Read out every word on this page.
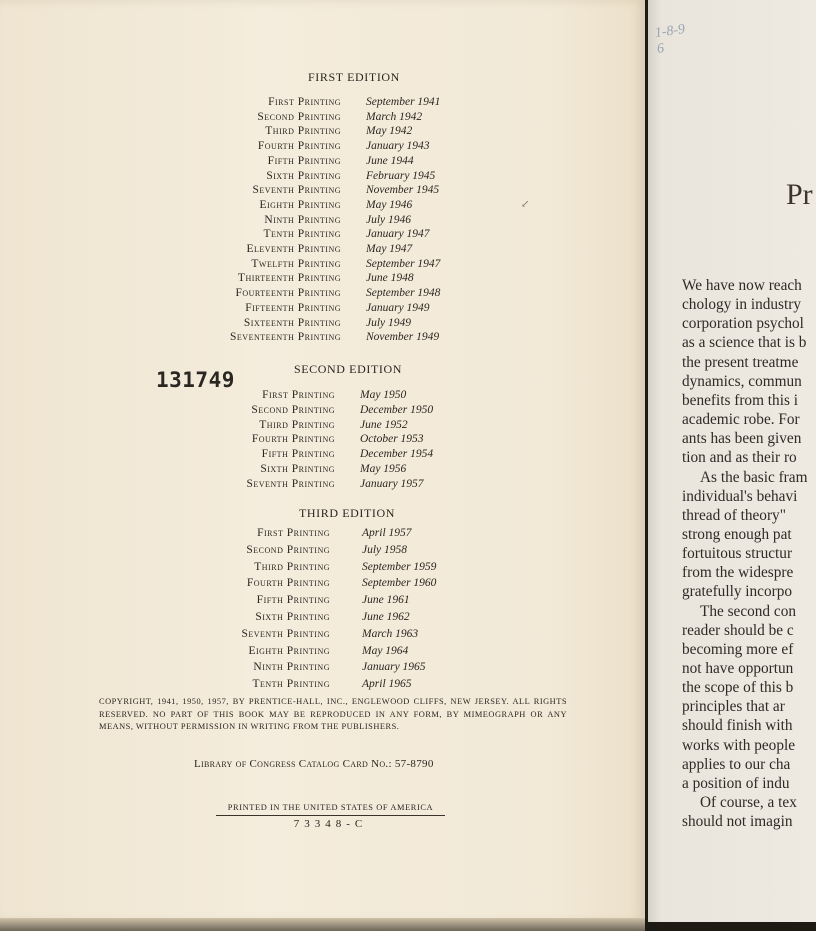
↙
FIRST EDITION
First Printing September 1941
Second Printing March 1942
Third Printing May 1942
Fourth Printing January 1943
Fifth Printing June 1944
Sixth Printing February 1945
Seventh Printing November 1945
Eighth Printing May 1946
Ninth Printing July 1946
Tenth Printing January 1947
Eleventh Printing May 1947
Twelfth Printing September 1947
Thirteenth Printing June 1948
Fourteenth Printing September 1948
Fifteenth Printing January 1949
Sixteenth Printing July 1949
Seventeenth Printing November 1949
131749	SECOND EDITION
First Printing May 1950
Second Printing December 1950
Third Printing June 1952
Fourth Printing October 1953
Fifth Printing December 1954
Sixth Printing May 1956
Seventh Printing January 1957
THIRD EDITION
First Printing	April 1957
Second Printing	July 1958
Third Printing	September 1959
Fourth Printing	September 1960
Fifth Printing	June 1961
Sixth Printing	June 1962
Seventh Printing	March 1963
Eighth Printing	May 1964
Ninth Printing	January 1965
Tenth Printing	April 1965
COPYRIGHT, 1941, 1950, 1957, BY PRENTICE-HALL, INC., ENGLEWOOD CLIFFS, NEW JERSEY. ALL RIGHTS RESERVED. NO PART OF THIS BOOK MAY BE REPRODUCED IN ANY FORM, BY MIMEOGRAPH OR ANY MEANS, WITHOUT PERMISSION IN WRITING FROM THE PUBLISHERS.
Library of Congress Catalog Card No.: 57-8790
PRINTED IN THE UNITED STATES OF AMERICA
73348-C
1-8-9
6
Pr
We have now reach
chology in industry
corporation psychol
as a science that is b
the present treatme
dynamics, commun
benefits from this i
academic robe. For
ants has been given
tion and as their ro
As the basic fram
individual's behavi
thread of theory"
strong enough pat
fortuitous structur
from the widespre
gratefully incorpo
The second con
reader should be c
becoming more ef
not have opportun
the scope of this b
principles that ar
should finish with
works with people
applies to our cha
a position of indu
Of course, a tex
should not imagin
